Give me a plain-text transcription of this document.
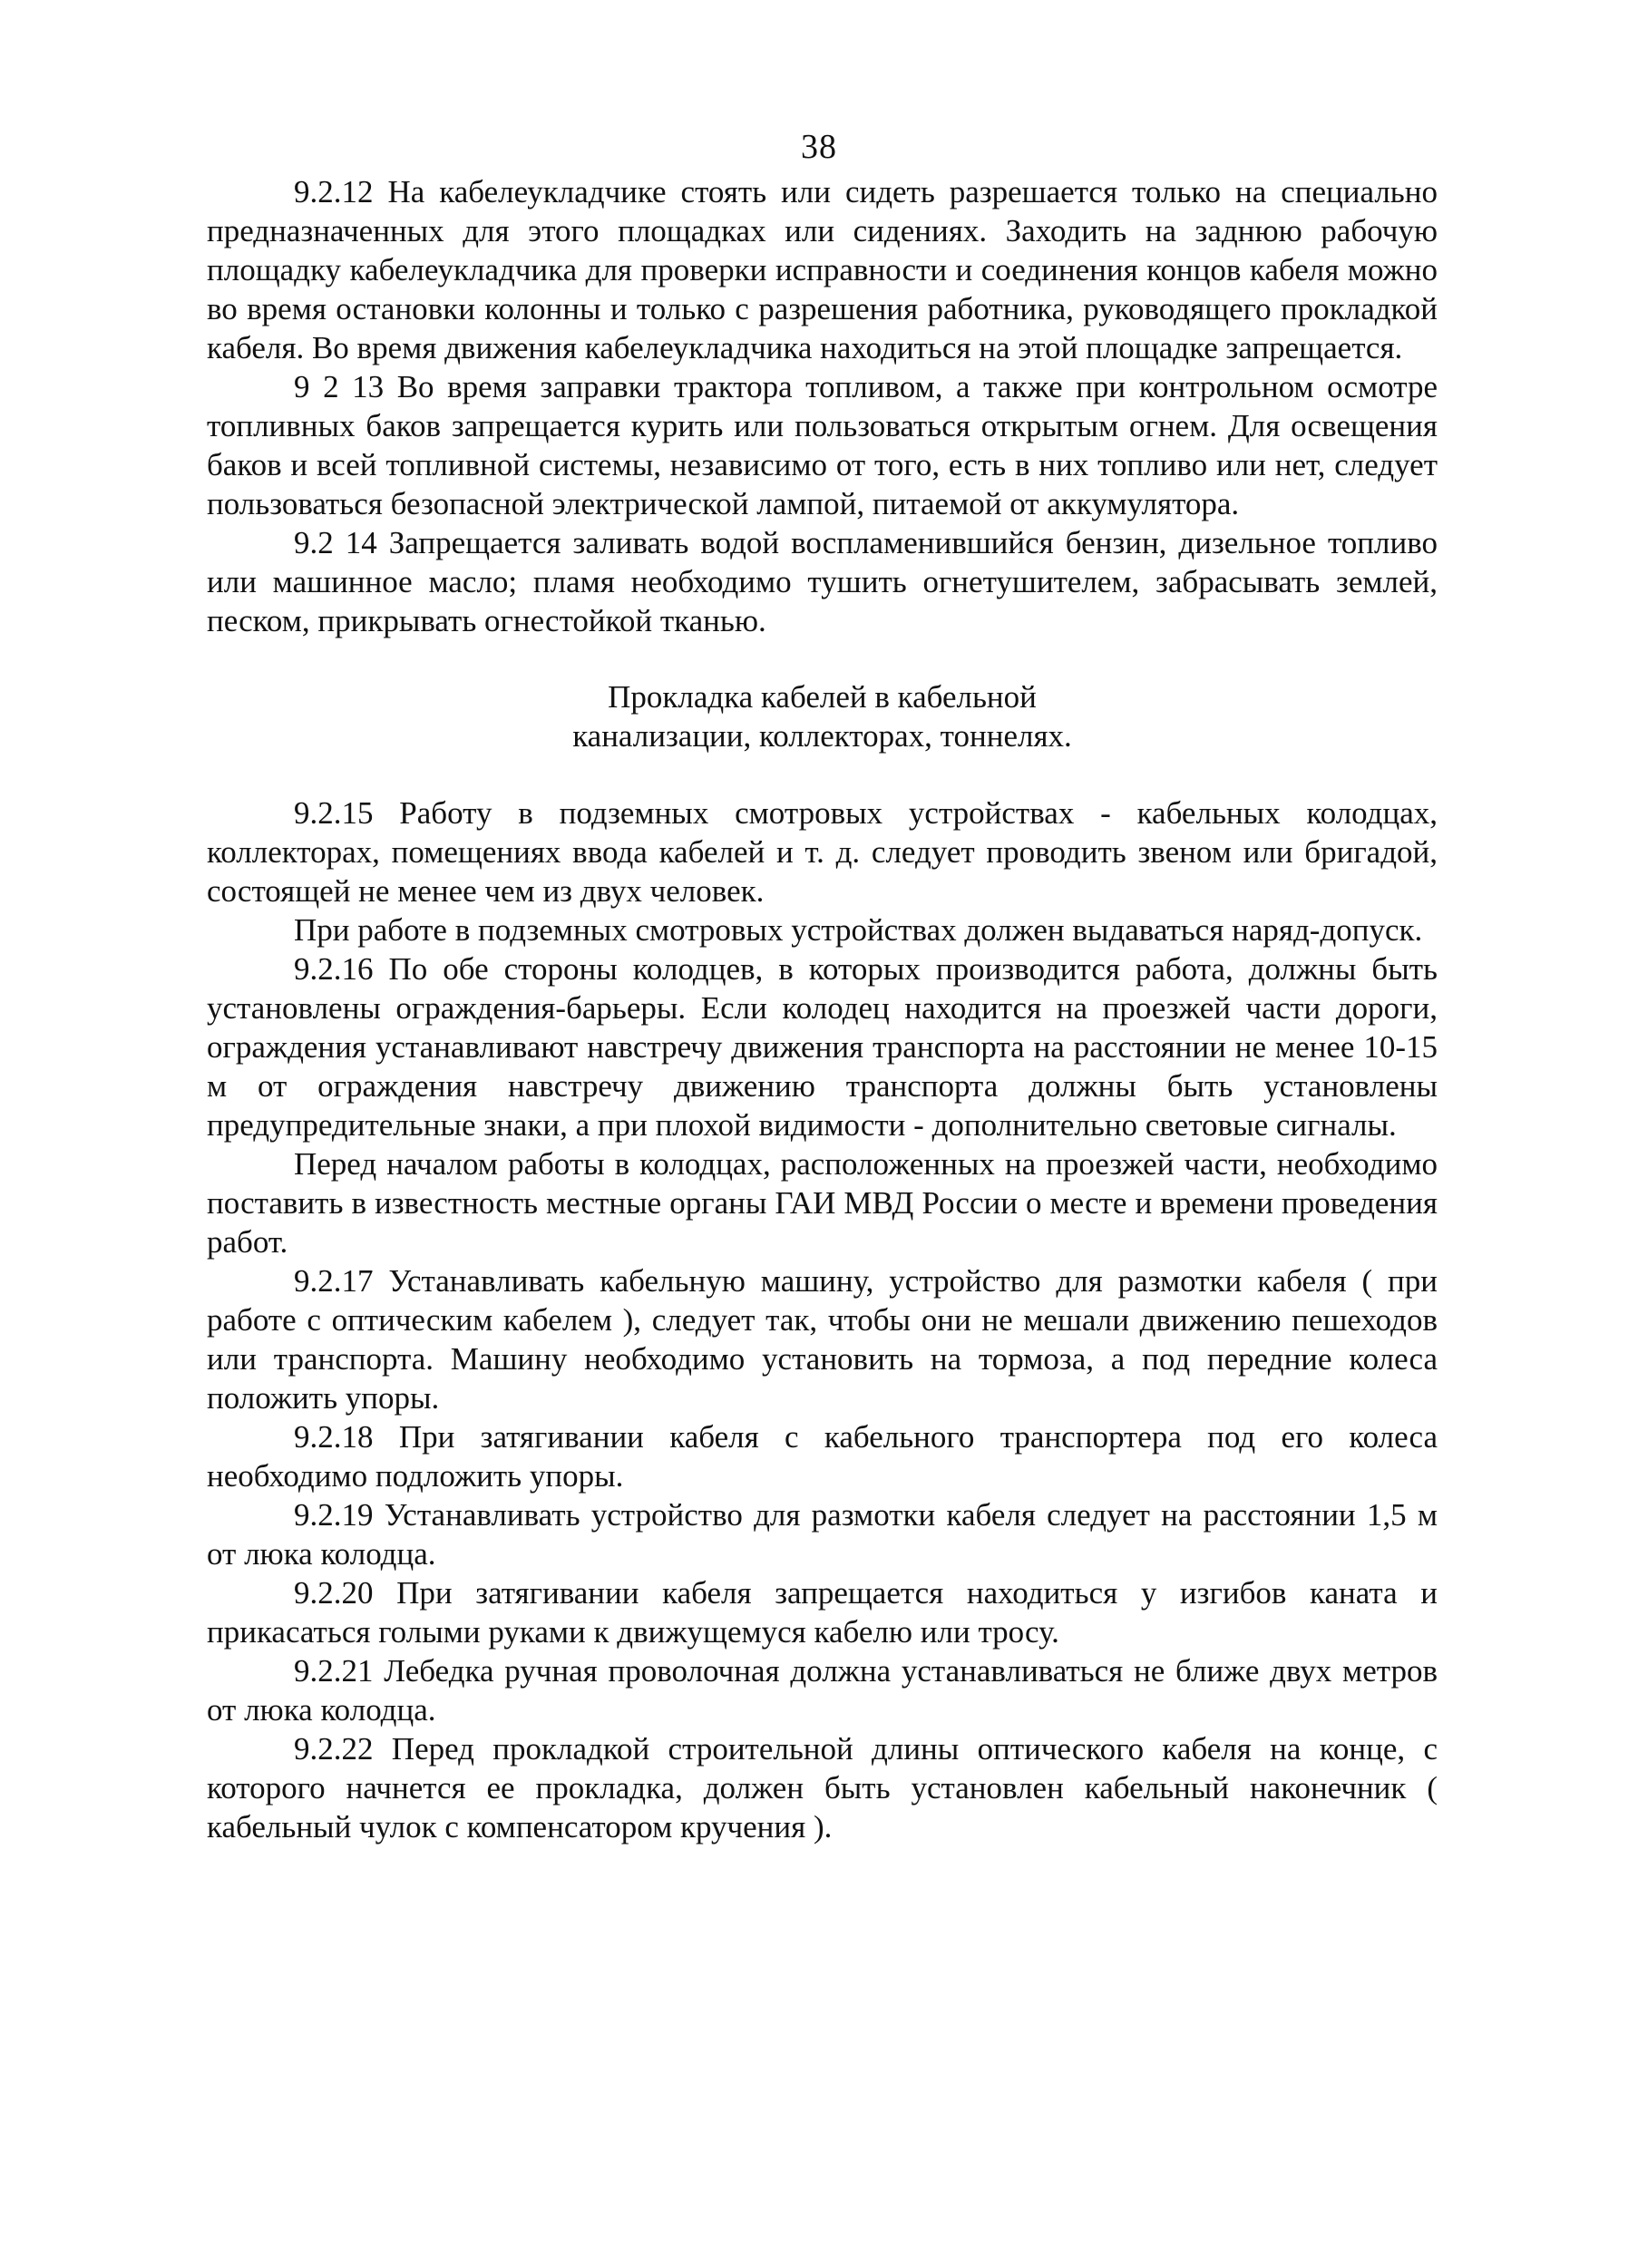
38

9.2.12 На кабелеукладчике стоять или сидеть разрешается только на специально предназначенных для этого площадках или сидениях. Заходить на заднюю рабочую площадку кабелеукладчика для проверки исправности и соединения концов кабеля можно во время остановки колонны и только с разрешения работника, руководящего прокладкой кабеля. Во время движения кабелеукладчика находиться на этой площадке запрещается.

9 2 13 Во время заправки трактора топливом, а также при контрольном осмотре топливных баков запрещается курить или пользоваться открытым огнем. Для освещения баков и всей топливной системы, независимо от того, есть в них топливо или нет, следует пользоваться безопасной электрической лампой, питаемой от аккумулятора.

9.2 14 Запрещается заливать водой воспламенившийся бензин, дизельное топливо или машинное масло; пламя необходимо тушить огнетушителем, забрасывать землей, песком, прикрывать огнестойкой тканью.

Прокладка кабелей в кабельной
канализации, коллекторах, тоннелях.

9.2.15 Работу в подземных смотровых устройствах - кабельных колодцах, коллекторах, помещениях ввода кабелей и т. д. следует проводить звеном или бригадой, состоящей не менее чем из двух человек.

При работе в подземных смотровых устройствах должен выдаваться наряд-допуск.

9.2.16 По обе стороны колодцев, в которых производится работа, должны быть установлены ограждения-барьеры. Если колодец находится на проезжей части дороги, ограждения устанавливают навстречу движения транспорта на расстоянии не менее 10-15 м от ограждения навстречу движению транспорта должны быть установлены предупредительные знаки, а при плохой видимости - дополнительно световые сигналы.

Перед началом работы в колодцах, расположенных на проезжей части, необходимо поставить в известность местные органы ГАИ МВД России о месте и времени проведения работ.

9.2.17 Устанавливать кабельную машину, устройство для размотки кабеля ( при работе с оптическим кабелем ), следует так, чтобы они не мешали движению пешеходов или транспорта. Машину необходимо установить на тормоза, а под передние колеса положить упоры.

9.2.18 При затягивании кабеля с кабельного транспортера под его колеса необходимо подложить упоры.

9.2.19 Устанавливать устройство для размотки кабеля следует на расстоянии 1,5 м от люка колодца.

9.2.20 При затягивании кабеля запрещается находиться у изгибов каната и прикасаться голыми руками к движущемуся кабелю или тросу.

9.2.21 Лебедка ручная проволочная должна устанавливаться не ближе двух метров от люка колодца.

9.2.22 Перед прокладкой строительной длины оптического кабеля на конце, с которого начнется ее прокладка, должен быть установлен кабельный наконечник ( кабельный чулок с компенсатором кручения ).
